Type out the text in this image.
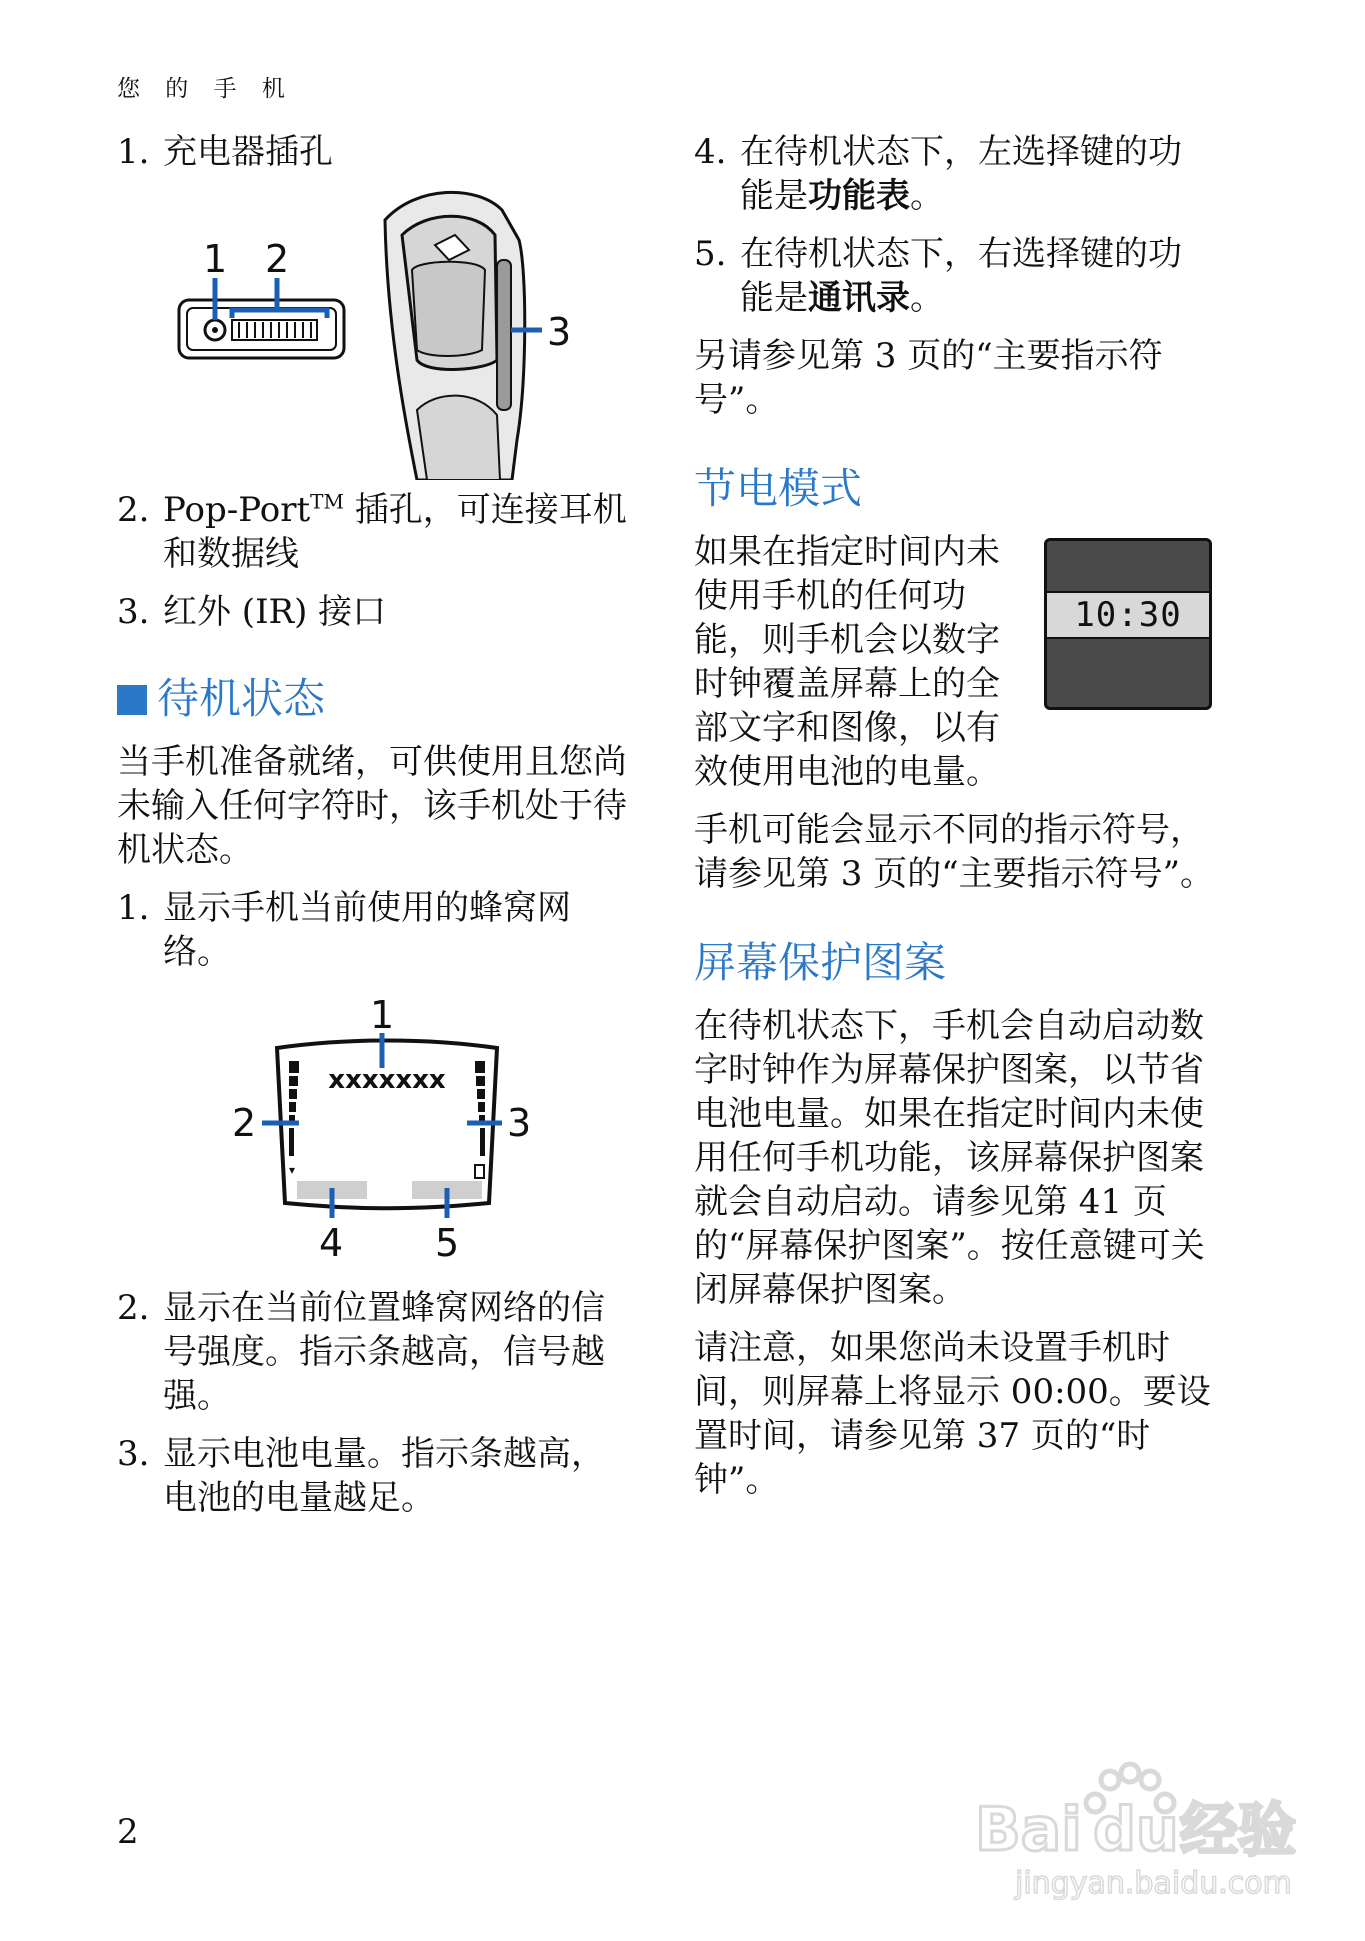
您 的 手 机
1. 充电器插孔
1 2
3
2. Pop-Port™ 插孔，可连接耳机和数据线
3. 红外 (IR) 接口
待机状态

当手机准备就绪，可供使用且您尚未输入任何字符时，该手机处于待机状态。

1. 显示手机当前使用的蜂窝网络。
▾
xxxxxxx
1
2	3
4 5
2. 显示在当前位置蜂窝网络的信号强度。指示条越高，信号越强。
3. 显示电池电量。指示条越高，电池的电量越足。
4. 在待机状态下，左选择键的功能是功能表。
5. 在待机状态下，右选择键的功能是通讯录。

另请参见第 3 页的“主要指示符号”。

节电模式

如果在指定时间内未使用手机的任何功能，则手机会以数字时钟覆盖屏幕上的全部文字和图像，以有效使用电池的电量。

10:30

手机可能会显示不同的指示符号，请参见第 3 页的“主要指示符号”。

屏幕保护图案

在待机状态下，手机会自动启动数字时钟作为屏幕保护图案，以节省电池电量。如果在指定时间内未使用任何手机功能，该屏幕保护图案就会自动启动。请参见第 41 页的“屏幕保护图案”。按任意键可关闭屏幕保护图案。

请注意，如果您尚未设置手机时间，则屏幕上将显示 00:00。要设置时间，请参见第 37 页的“时钟”。

2	Bai du 经验
jingyan.baidu.com
